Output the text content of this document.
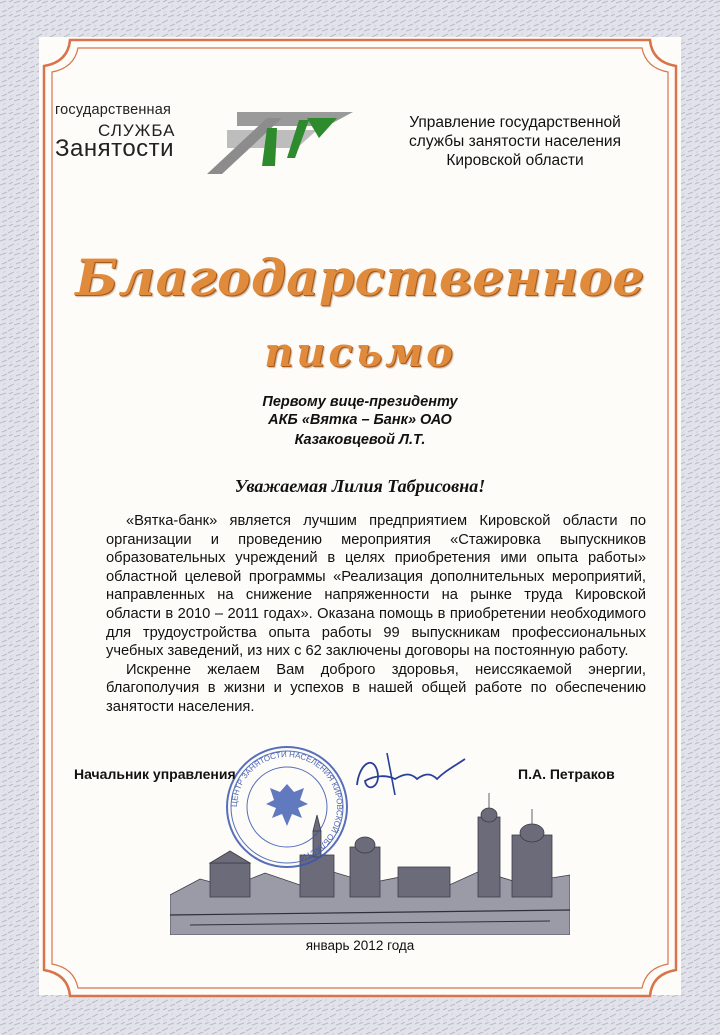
государственная
СЛУЖБА
Занятости
Управление государственной
службы занятости населения
Кировской области
Благодарственное
письмо
Первому вице-президенту
АКБ «Вятка – Банк» ОАО
Казаковцевой Л.Т.
Уважаемая Лилия Табрисовна!

«Вятка-банк» является лучшим предприятием Кировской области по организации и проведению мероприятия «Стажировка выпускников образовательных учреждений в целях приобретения ими опыта работы» областной целевой программы «Реализация дополнительных мероприятий, направленных на снижение напряженности на рынке труда Кировской области в 2010 – 2011 годах». Оказана помощь в приобретении необходимого для трудоустройства опыта работы 99 выпускникам профессиональных учебных заведений, из них с 62 заключены договоры на постоянную работу.

Искренне желаем Вам доброго здоровья, неиссякаемой энергии, благополучия в жизни и успехов в нашей общей работе по обеспечению занятости населения.

ЦЕНТР ЗАНЯТОСТИ НАСЕЛЕНИЯ КИРОВСКОЙ ОБЛАСТИ
Начальник управления	П.А. Петраков
январь 2012 года
